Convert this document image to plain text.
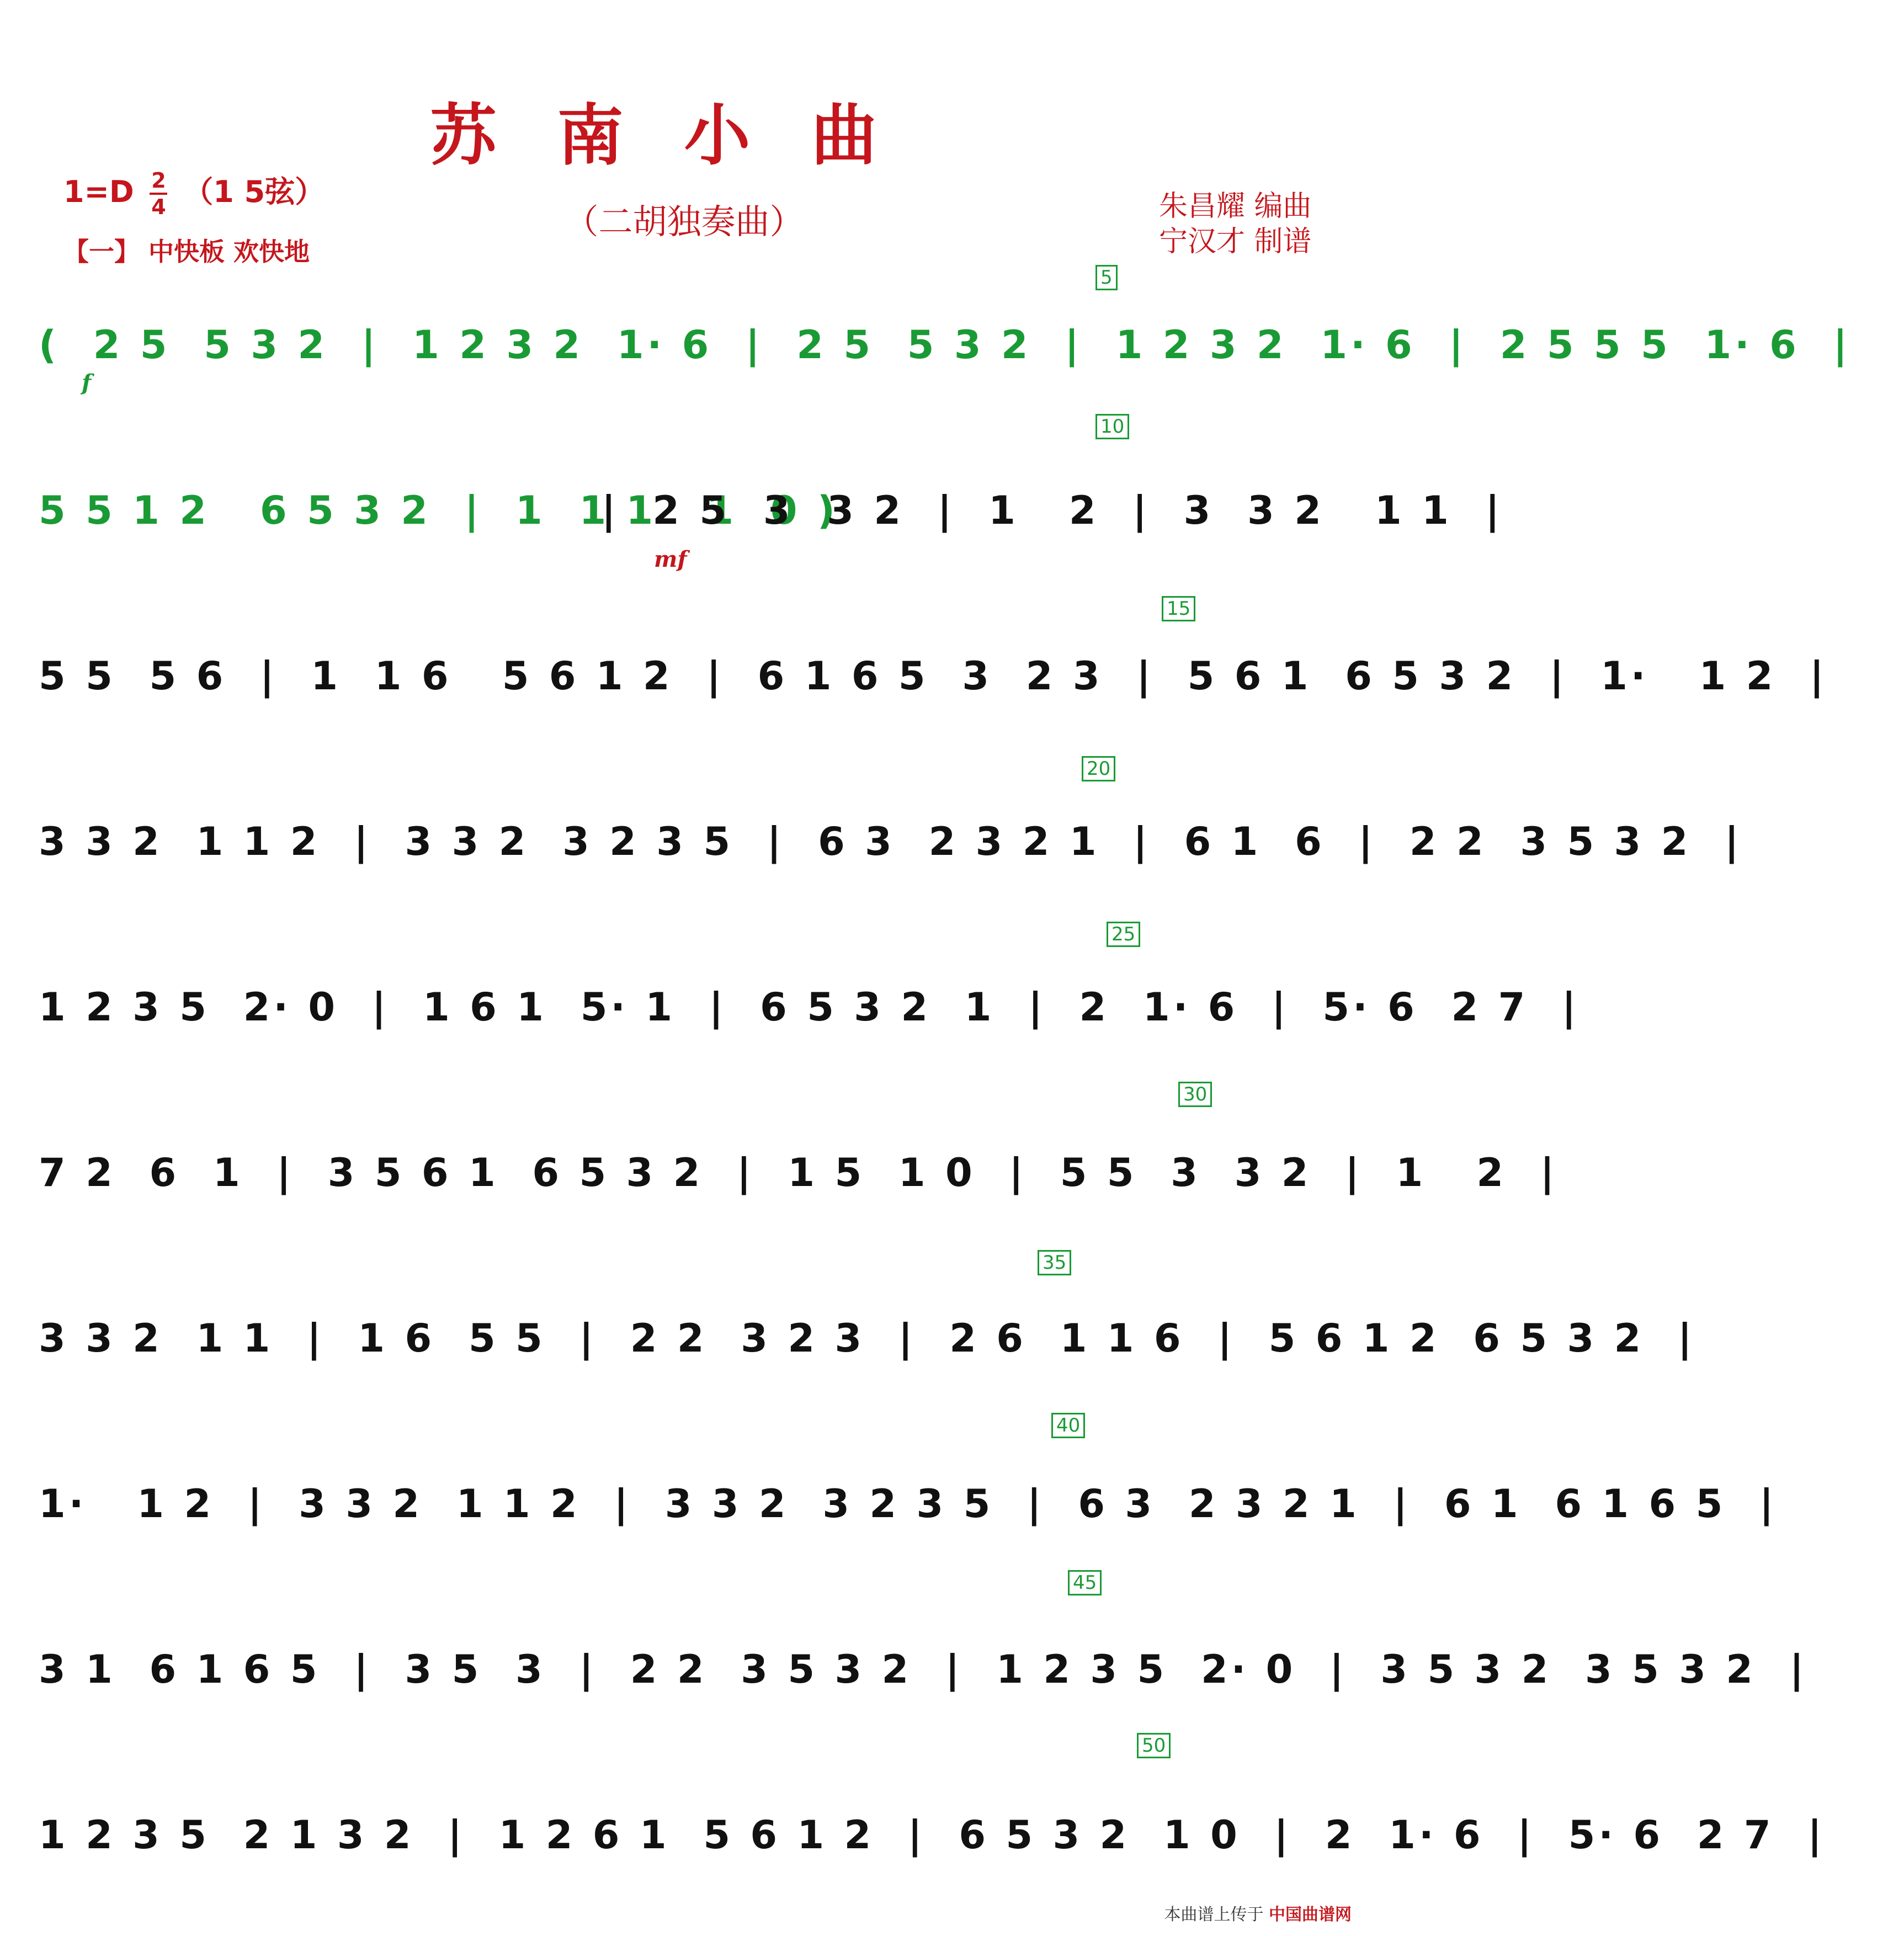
苏南小曲
（二胡独奏曲）
$1=D \frac{2}{4} (1$ 5弦）
【一】 中快板 欢快地
朱昌耀 编曲
宁汉才 制谱
(  2 5  5 3 2  |  1 2 3 2  1· 6  |  2 5  5 3 2  |  1 2 3 2  1· 6  |  2 5 5 5  1· 6  |
5 5 1 2   6 5 3 2  |  1  1 1   1  0 )
|  2 5  3  3 2  |  1   2  |  3  3 2   1 1  |
5 5  5 6  |  1  1 6   5 6 1 2  |  6 1 6 5  3  2 3  |  5 6 1  6 5 3 2  |  1·   1 2  |
3 3 2  1 1 2  |  3 3 2  3 2 3 5  |  6 3  2 3 2 1  |  6 1  6  |  2 2  3 5 3 2  |
1 2 3 5  2· 0  |  1 6 1  5· 1  |  6 5 3 2  1  |  2  1· 6  |  5· 6  2 7  |
7 2  6  1  |  3 5 6 1  6 5 3 2  |  1 5  1 0  |  5 5  3  3 2  |  1   2  |
3 3 2  1 1  |  1 6  5 5  |  2 2  3 2 3  |  2 6  1 1 6  |  5 6 1 2  6 5 3 2  |
1·   1 2  |  3 3 2  1 1 2  |  3 3 2  3 2 3 5  |  6 3  2 3 2 1  |  6 1  6 1 6 5  |
3 1  6 1 6 5  |  3 5  3  |  2 2  3 5 3 2  |  1 2 3 5  2· 0  |  3 5 3 2  3 5 3 2  |
1 2 3 5  2 1 3 2  |  1 2 6 1  5 6 1 2  |  6 5 3 2  1 0  |  2  1· 6  |  5· 6  2 7  |
本曲谱上传于 中国曲谱网
5
10
15
20
25
30
35
40
45
50
f
mf
